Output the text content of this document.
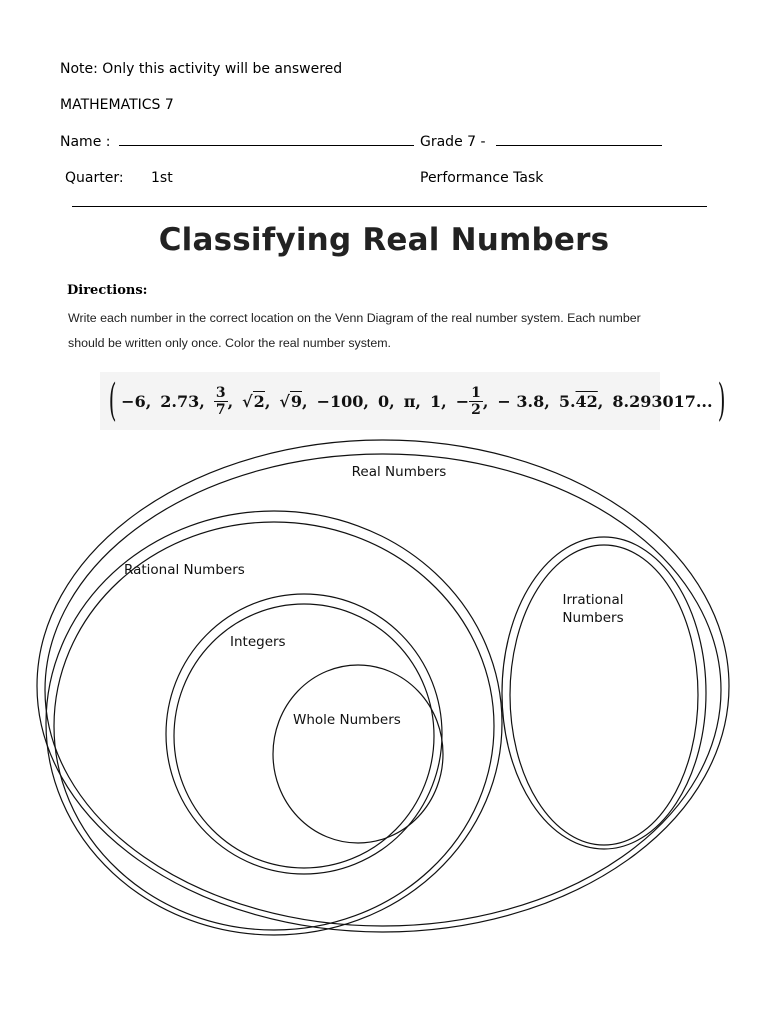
Note: Only this activity will be answered
MATHEMATICS 7
Name :	Grade 7 -
Quarter: 1st	Performance Task
Classifying Real Numbers
Directions:
Write each number in the correct location on the Venn Diagram of the real number system. Each number should be written only once. Color the real number system.
( −6, 2.73, $\frac{3}{7}$ , √ 2 , √ 9 , −100, 0, π, 1, − $\frac{1}{2}$ , − 3.8, 5. 42 , 8.293017... )
Real Numbers
Rational Numbers
Integers
Whole Numbers
Irrational
Numbers
